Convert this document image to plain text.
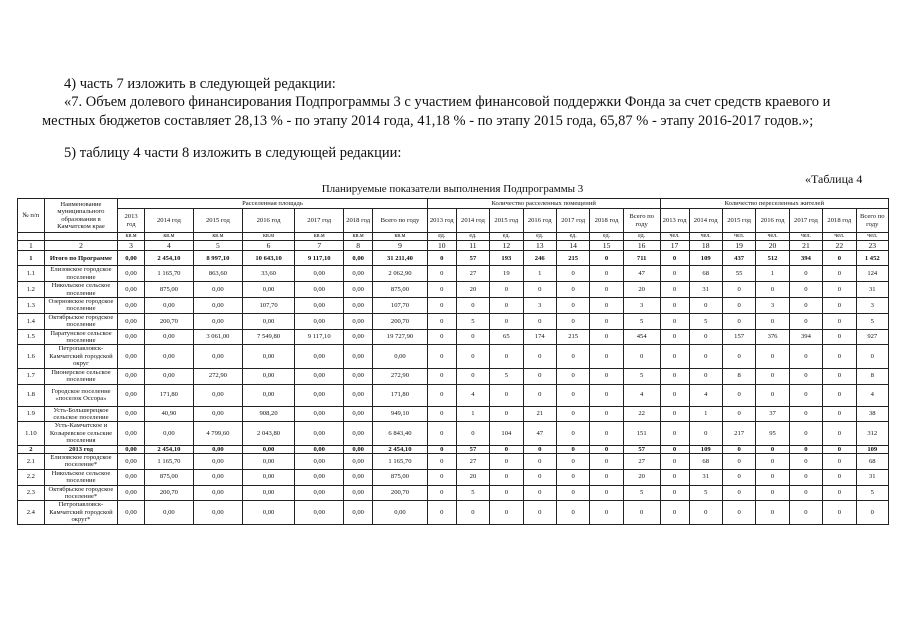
4) часть 7 изложить в следующей редакции:
«7. Объем долевого финансирования Подпрограммы 3 с участием финансовой поддержки Фонда за счет средств краевого и
местных бюджетов составляет 28,13 % - по этапу 2014 года, 41,18 % - по этапу 2015 года, 65,87 % - этапу 2016-2017 годов.»;
5) таблицу 4 части 8 изложить в следующей редакции:
«Таблица 4
Планируемые показатели выполнения Подпрограммы 3
№ п/п	Наименование муниципального образования в Камчатском крае	Расселенная площадь							Количество расселенных помещений							Количество переселенных жителей						
		2013 год	2014 год	2015 год	2016 год	2017 год	2018 год	Всего по году	2013 год	2014 год	2015 год	2016 год	2017 год	2018 год	Всего по году	2013 год	2014 год	2015 год	2016 год	2017 год	2018 год	Всего по году
		кв.м	кв.м	кв.м	кв.м	кв.м	кв.м	кв.м	ед.	ед.	ед.	ед.	ед.	ед.	ед.	чел.	чел.	чел.	чел.	чел.	чел.	чел.
1	2	3	4	5	6	7	8	9	10	11	12	13	14	15	16	17	18	19	20	21	22	23
1	Итого по Программе	0,00	2 454,10	8 997,10	10 643,10	9 117,10	0,00	31 211,40	0	57	193	246	215	0	711	0	109	437	512	394	0	1 452
1.1	Елизовское городское поселение	0,00	1 165,70	863,60	33,60	0,00	0,00	2 062,90	0	27	19	1	0	0	47	0	68	55	1	0	0	124
1.2	Никольское сельское поселение	0,00	875,00	0,00	0,00	0,00	0,00	875,00	0	20	0	0	0	0	20	0	31	0	0	0	0	31
1.3	Озерновское городское поселение	0,00	0,00	0,00	107,70	0,00	0,00	107,70	0	0	0	3	0	0	3	0	0	0	3	0	0	3
1.4	Октябрьское городское поселение	0,00	200,70	0,00	0,00	0,00	0,00	200,70	0	5	0	0	0	0	5	0	5	0	0	0	0	5
1.5	Паратунское сельское поселение	0,00	0,00	3 061,00	7 549,80	9 117,10	0,00	19 727,90	0	0	65	174	215	0	454	0	0	157	376	394	0	927
1.6	Петропавловск-Камчатский городской округ	0,00	0,00	0,00	0,00	0,00	0,00	0,00	0	0	0	0	0	0	0	0	0	0	0	0	0	0
1.7	Пионерское сельское поселение	0,00	0,00	272,90	0,00	0,00	0,00	272,90	0	0	5	0	0	0	5	0	0	8	0	0	0	8
1.8	Городское поселение «поселок Оссора»	0,00	171,80	0,00	0,00	0,00	0,00	171,80	0	4	0	0	0	0	4	0	4	0	0	0	0	4
1.9	Усть-Большерецкое сельское поселение	0,00	40,90	0,00	908,20	0,00	0,00	949,10	0	1	0	21	0	0	22	0	1	0	37	0	0	38
1.10	Усть-Камчатское и Козыревское сельские поселения	0,00	0,00	4 799,60	2 043,80	0,00	0,00	6 843,40	0	0	104	47	0	0	151	0	0	217	95	0	0	312
2	2013 год	0,00	2 454,10	0,00	0,00	0,00	0,00	2 454,10	0	57	0	0	0	0	57	0	109	0	0	0	0	109
2.1	Елизовское городское поселение*	0,00	1 165,70	0,00	0,00	0,00	0,00	1 165,70	0	27	0	0	0	0	27	0	68	0	0	0	0	68
2.2	Никольское сельское поселение	0,00	875,00	0,00	0,00	0,00	0,00	875,00	0	20	0	0	0	0	20	0	31	0	0	0	0	31
2.3	Октябрьское городское поселение*	0,00	200,70	0,00	0,00	0,00	0,00	200,70	0	5	0	0	0	0	5	0	5	0	0	0	0	5
2.4	Петропавловск-Камчатский городской округ*	0,00	0,00	0,00	0,00	0,00	0,00	0,00	0	0	0	0	0	0	0	0	0	0	0	0	0	0
